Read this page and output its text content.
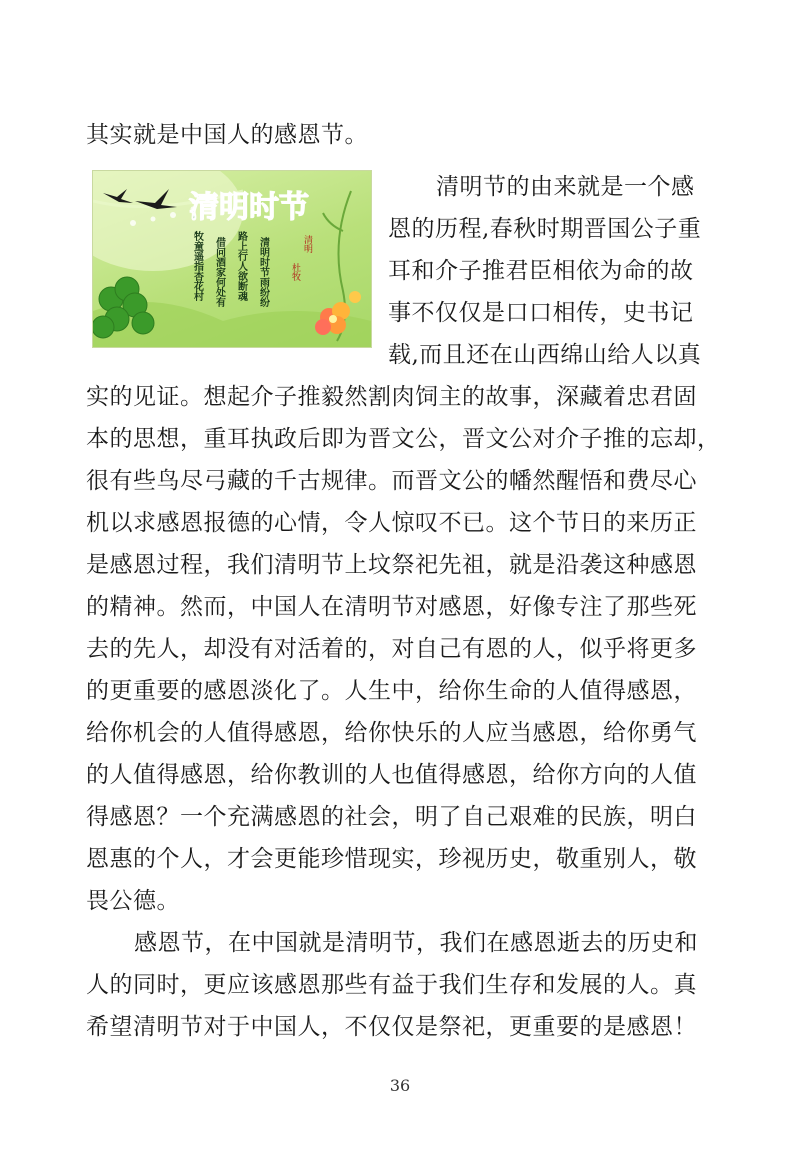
其实就是中国人的感恩节。
清明时节
清明时节雨纷纷
路上行人欲断魂
借问酒家何处有
牧童遥指杏花村	清明
杜牧
清明节的由来就是一个感
恩的历程,春秋时期晋国公子重
耳和介子推君臣相依为命的故
事不仅仅是口口相传，史书记
载,而且还在山西绵山给人以真
实的见证。想起介子推毅然割肉饲主的故事，深藏着忠君固
本的思想，重耳执政后即为晋文公，晋文公对介子推的忘却，
很有些鸟尽弓藏的千古规律。而晋文公的幡然醒悟和费尽心
机以求感恩报德的心情，令人惊叹不已。这个节日的来历正
是感恩过程，我们清明节上坟祭祀先祖，就是沿袭这种感恩
的精神。然而，中国人在清明节对感恩，好像专注了那些死
去的先人，却没有对活着的，对自己有恩的人，似乎将更多
的更重要的感恩淡化了。人生中，给你生命的人值得感恩，
给你机会的人值得感恩，给你快乐的人应当感恩，给你勇气
的人值得感恩，给你教训的人也值得感恩，给你方向的人值
得感恩？一个充满感恩的社会，明了自己艰难的民族，明白
恩惠的个人，才会更能珍惜现实，珍视历史，敬重别人，敬
畏公德。
感恩节，在中国就是清明节，我们在感恩逝去的历史和
人的同时，更应该感恩那些有益于我们生存和发展的人。真
希望清明节对于中国人，不仅仅是祭祀，更重要的是感恩！
36
